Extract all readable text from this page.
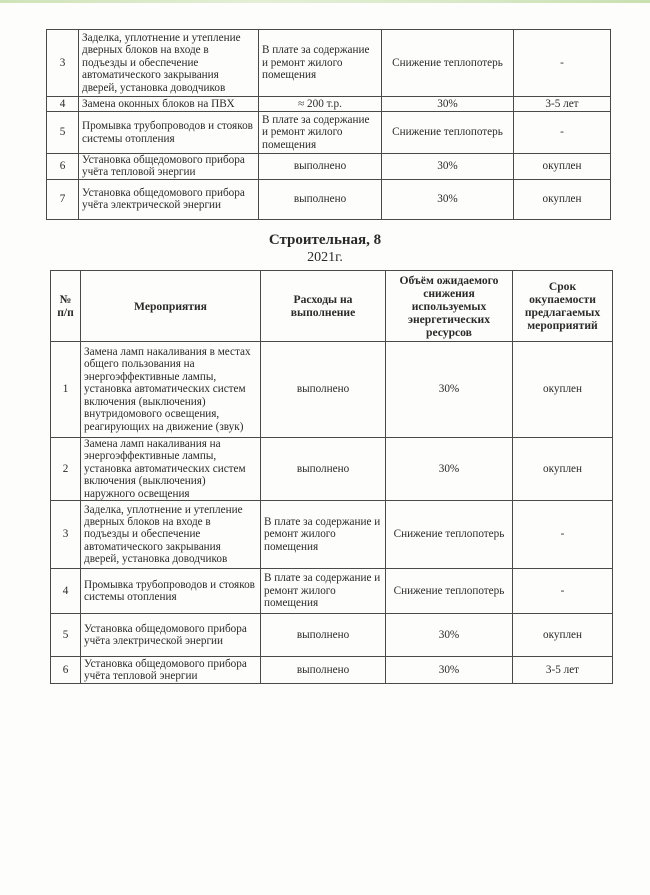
3	Заделка, уплотнение и утепление дверных блоков на входе в подъезды и обеспечение автоматического закрывания дверей, установка доводчиков	В плате за содержание и ремонт жилого помещения	Снижение теплопотерь	-
4	Замена оконных блоков на ПВХ	≈ 200 т.р.	30%	3-5 лет
5	Промывка трубопроводов и стояков системы отопления	В плате за содержание и ремонт жилого помещения	Снижение теплопотерь	-
6	Установка общедомового прибора учёта тепловой энергии	выполнено	30%	окуплен
7	Установка общедомового прибора учёта электрической энергии	выполнено	30%	окуплен
Строительная, 8
2021г.
№ п/п	Мероприятия	Расходы на выполнение	Объём ожидаемого снижения используемых энергетических ресурсов	Срок окупаемости предлагаемых мероприятий
1	Замена ламп накаливания в местах общего пользования на энергоэффективные лампы, установка автоматических систем включения (выключения) внутридомового освещения, реагирующих на движение (звук)	выполнено	30%	окуплен
2	Замена ламп накаливания на энергоэффективные лампы, установка автоматических систем включения (выключения) наружного освещения	выполнено	30%	окуплен
3	Заделка, уплотнение и утепление дверных блоков на входе в подъезды и обеспечение автоматического закрывания дверей, установка доводчиков	В плате за содержание и ремонт жилого помещения	Снижение теплопотерь	-
4	Промывка трубопроводов и стояков системы отопления	В плате за содержание и ремонт жилого помещения	Снижение теплопотерь	-
5	Установка общедомового прибора учёта электрической энергии	выполнено	30%	окуплен
6	Установка общедомового прибора учёта тепловой энергии	выполнено	30%	3-5 лет
